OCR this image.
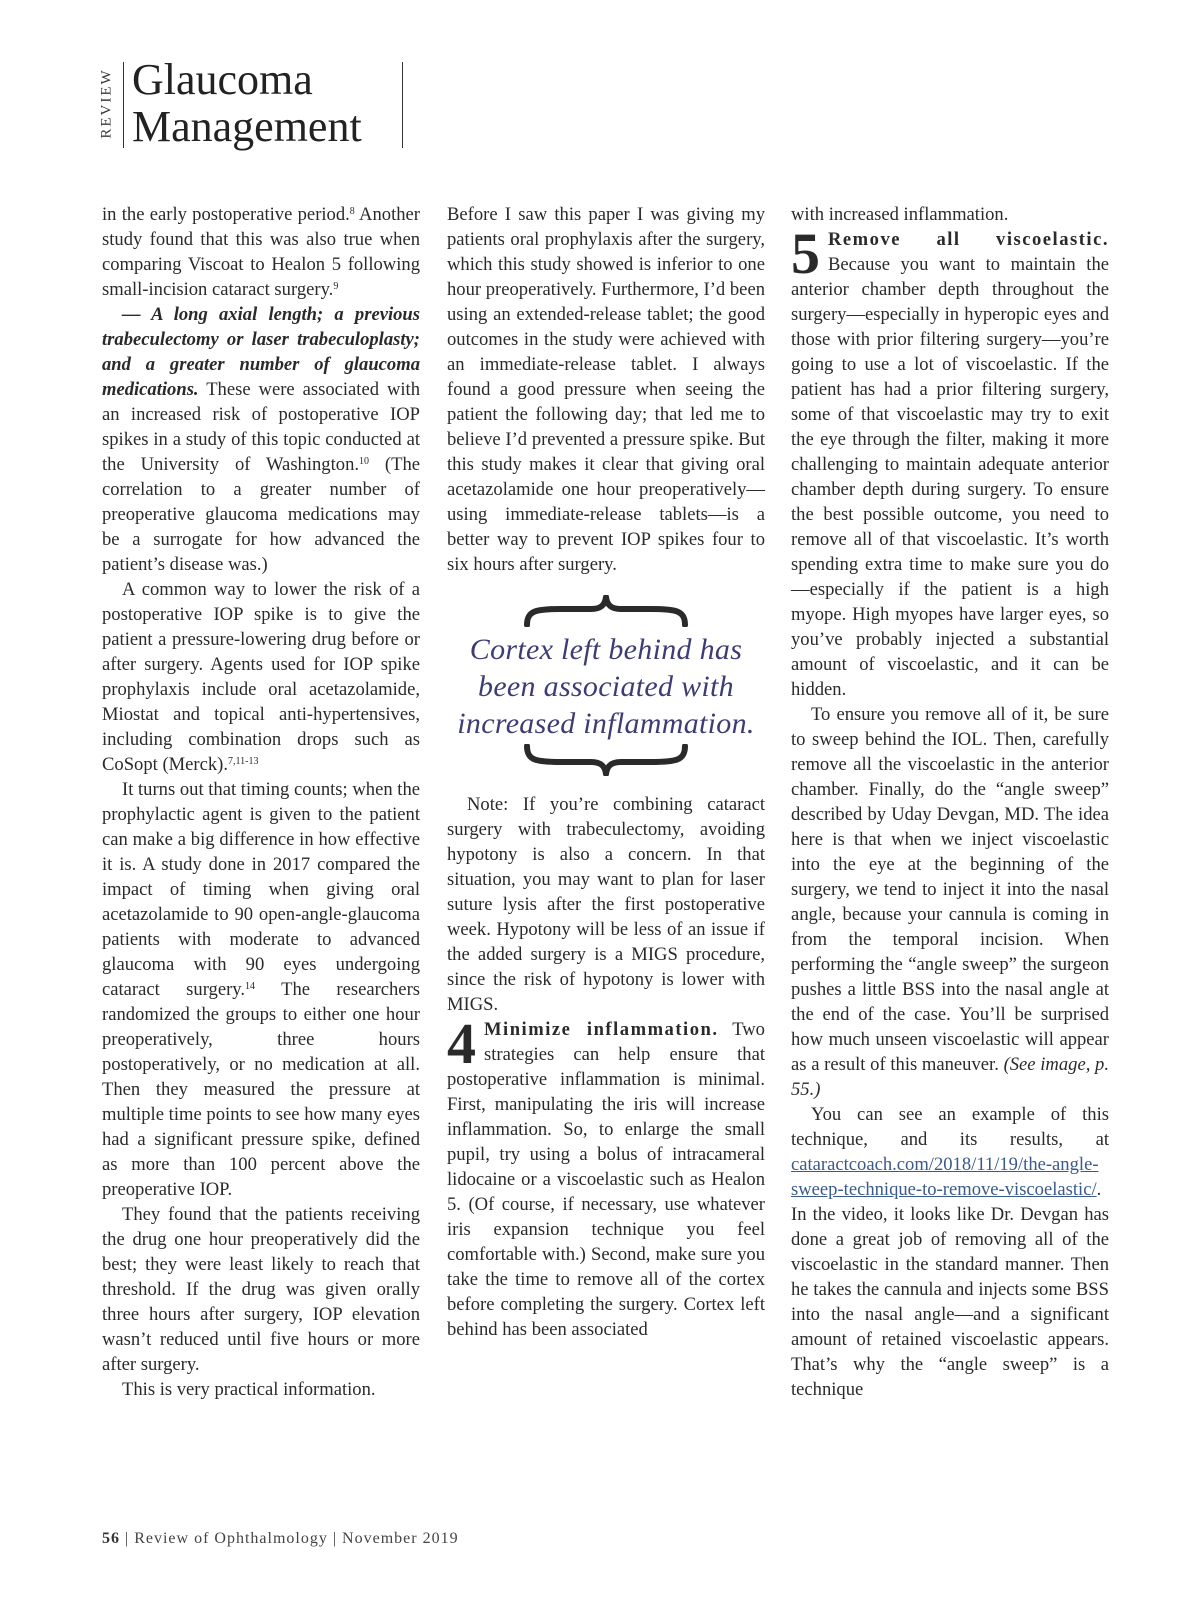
REVIEW Glaucoma
Management

in the early postoperative period.$^8$ Another study found that this was also true when comparing Viscoat to Healon 5 following small-incision cataract surgery.$^9$

— A long axial length; a previous trabeculectomy or laser trabeculoplasty; and a greater number of glaucoma medications. These were associated with an increased risk of postoperative IOP spikes in a study of this topic conducted at the University of Washington.$^{10}$ (The correlation to a greater number of preoperative glaucoma medications may be a surrogate for how advanced the patient’s disease was.)

A common way to lower the risk of a postoperative IOP spike is to give the patient a pressure-lowering drug before or after surgery. Agents used for IOP spike prophylaxis include oral acetazolamide, Miostat and topical anti-hypertensives, including combination drops such as CoSopt (Merck).$^{7,11-13}$

It turns out that timing counts; when the prophylactic agent is given to the patient can make a big difference in how effective it is. A study done in 2017 compared the impact of timing when giving oral acetazolamide to 90 open-angle-glaucoma patients with moderate to advanced glaucoma with 90 eyes undergoing cataract surgery.$^{14}$ The researchers randomized the groups to either one hour preoperatively, three hours postoperatively, or no medication at all. Then they measured the pressure at multiple time points to see how many eyes had a significant pressure spike, defined as more than 100 percent above the preoperative IOP.

They found that the patients receiving the drug one hour preoperatively did the best; they were least likely to reach that threshold. If the drug was given orally three hours after surgery, IOP elevation wasn’t reduced until five hours or more after surgery.

This is very practical information.

Before I saw this paper I was giving my patients oral prophylaxis after the surgery, which this study showed is inferior to one hour preoperatively. Furthermore, I’d been using an extended-release tablet; the good outcomes in the study were achieved with an immediate-release tablet. I always found a good pressure when seeing the patient the following day; that led me to believe I’d prevented a pressure spike. But this study makes it clear that giving oral acetazolamide one hour preoperatively—using immediate-release tablets—is a better way to prevent IOP spikes four to six hours after surgery.

Cortex left behind has been associated with increased inflammation.

Note: If you’re combining cataract surgery with trabeculectomy, avoiding hypotony is also a concern. In that situation, you may want to plan for laser suture lysis after the first postoperative week. Hypotony will be less of an issue if the added surgery is a MIGS procedure, since the risk of hypotony is lower with MIGS.

4 Minimize inflammation. Two strategies can help ensure that postoperative inflammation is minimal. First, manipulating the iris will increase inflammation. So, to enlarge the small pupil, try using a bolus of intracameral lidocaine or a viscoelastic such as Healon 5. (Of course, if necessary, use whatever iris expansion technique you feel comfortable with.) Second, make sure you take the time to remove all of the cortex before completing the surgery. Cortex left behind has been associated

with increased inflammation.

5 Remove all viscoelastic. Because you want to maintain the anterior chamber depth throughout the surgery—especially in hyperopic eyes and those with prior filtering surgery—you’re going to use a lot of viscoelastic. If the patient has had a prior filtering surgery, some of that viscoelastic may try to exit the eye through the filter, making it more challenging to maintain adequate anterior chamber depth during surgery. To ensure the best possible outcome, you need to remove all of that viscoelastic. It’s worth spending extra time to make sure you do—especially if the patient is a high myope. High myopes have larger eyes, so you’ve probably injected a substantial amount of viscoelastic, and it can be hidden.

To ensure you remove all of it, be sure to sweep behind the IOL. Then, carefully remove all the viscoelastic in the anterior chamber. Finally, do the “angle sweep” described by Uday Devgan, MD. The idea here is that when we inject viscoelastic into the eye at the beginning of the surgery, we tend to inject it into the nasal angle, because your cannula is coming in from the temporal incision. When performing the “angle sweep” the surgeon pushes a little BSS into the nasal angle at the end of the case. You’ll be surprised how much unseen viscoelastic will appear as a result of this maneuver. (See image, p. 55.)

You can see an example of this technique, and its results, at cataractcoach.com/2018/11/19/the-angle-sweep-technique-to-remove-viscoelastic/. In the video, it looks like Dr. Devgan has done a great job of removing all of the viscoelastic in the standard manner. Then he takes the cannula and injects some BSS into the nasal angle—and a significant amount of retained viscoelastic appears. That’s why the “angle sweep” is a technique

56 | Review of Ophthalmology | November 2019
